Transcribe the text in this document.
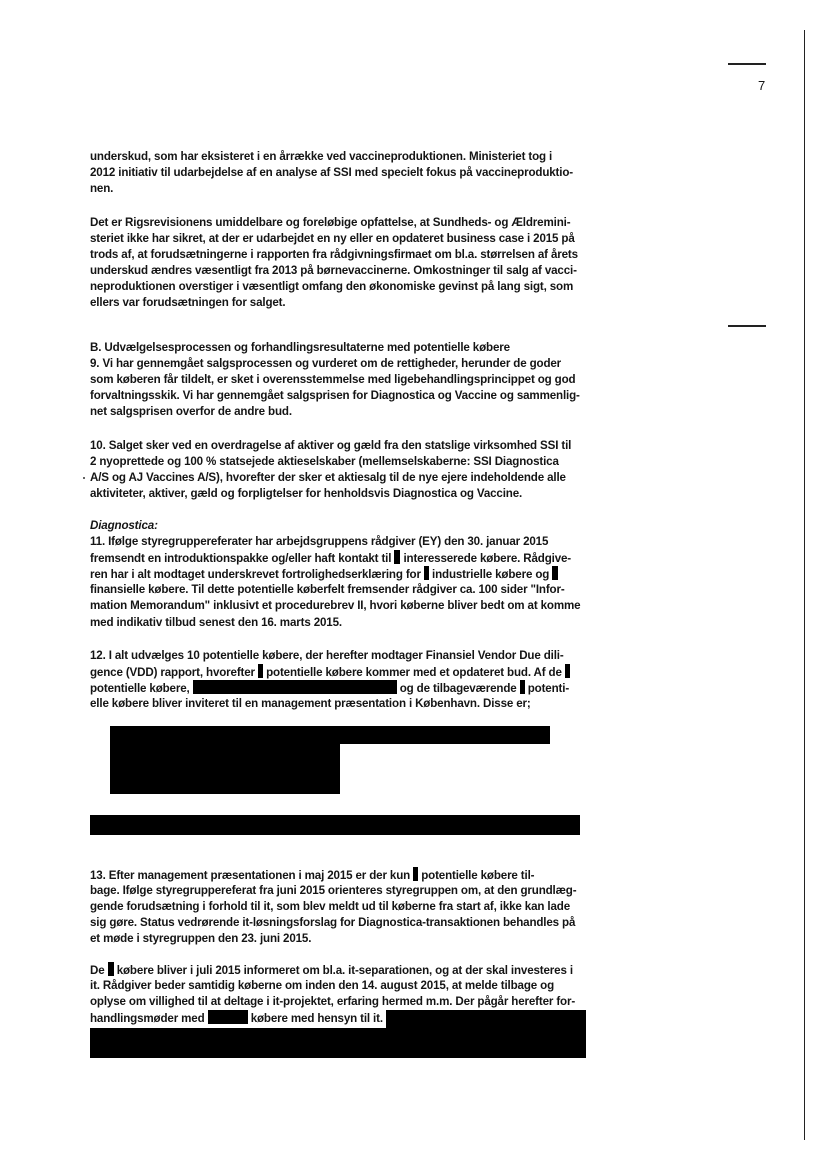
7
underskud, som har eksisteret i en årrække ved vaccineproduktionen. Ministeriet tog i
2012 initiativ til udarbejdelse af en analyse af SSI med specielt fokus på vaccineproduktio-
nen.
Det er Rigsrevisionens umiddelbare og foreløbige opfattelse, at Sundheds- og Ældremini-
steriet ikke har sikret, at der er udarbejdet en ny eller en opdateret business case i 2015 på
trods af, at forudsætningerne i rapporten fra rådgivningsfirmaet om bl.a. størrelsen af årets
underskud ændres væsentligt fra 2013 på børnevaccinerne. Omkostninger til salg af vacci-
neproduktionen overstiger i væsentligt omfang den økonomiske gevinst på lang sigt, som
ellers var forudsætningen for salget.
B. Udvælgelsesprocessen og forhandlingsresultaterne med potentielle købere
9. Vi har gennemgået salgsprocessen og vurderet om de rettigheder, herunder de goder
som køberen får tildelt, er sket i overensstemmelse med ligebehandlingsprincippet og god
forvaltningsskik. Vi har gennemgået salgsprisen for Diagnostica og Vaccine og sammenlig-
net salgsprisen overfor de andre bud.
10. Salget sker ved en overdragelse af aktiver og gæld fra den statslige virksomhed SSI til
2 nyoprettede og 100 % statsejede aktieselskaber (mellemselskaberne: SSI Diagnostica
A/S og AJ Vaccines A/S), hvorefter der sker et aktiesalg til de nye ejere indeholdende alle
aktiviteter, aktiver, gæld og forpligtelser for henholdsvis Diagnostica og Vaccine.
Diagnostica:
11. Ifølge styregruppereferater har arbejdsgruppens rådgiver (EY) den 30. januar 2015
fremsendt en introduktionspakke og/eller haft kontakt til interesserede købere. Rådgive-
ren har i alt modtaget underskrevet fortrolighedserklæring for industrielle købere og
finansielle købere. Til dette potentielle køberfelt fremsender rådgiver ca. 100 sider "Infor-
mation Memorandum" inklusivt et procedurebrev II, hvori køberne bliver bedt om at komme
med indikativ tilbud senest den 16. marts 2015.
12. I alt udvælges 10 potentielle købere, der herefter modtager Finansiel Vendor Due dili-
gence (VDD) rapport, hvorefter potentielle købere kommer med et opdateret bud. Af de
potentielle købere,	og de tilbageværende potenti-
elle købere bliver inviteret til en management præsentation i København. Disse er;
13. Efter management præsentationen i maj 2015 er der kun potentielle købere til-
bage. Ifølge styregruppereferat fra juni 2015 orienteres styregruppen om, at den grundlæg-
gende forudsætning i forhold til it, som blev meldt ud til køberne fra start af, ikke kan lade
sig gøre. Status vedrørende it-løsningsforslag for Diagnostica-transaktionen behandles på
et møde i styregruppen den 23. juni 2015.
De købere bliver i juli 2015 informeret om bl.a. it-separationen, og at der skal investeres i
it. Rådgiver beder samtidig køberne om inden den 14. august 2015, at melde tilbage og
oplyse om villighed til at deltage i it-projektet, erfaring hermed m.m. Der pågår herefter for-
handlingsmøder med	købere med hensyn til it.
